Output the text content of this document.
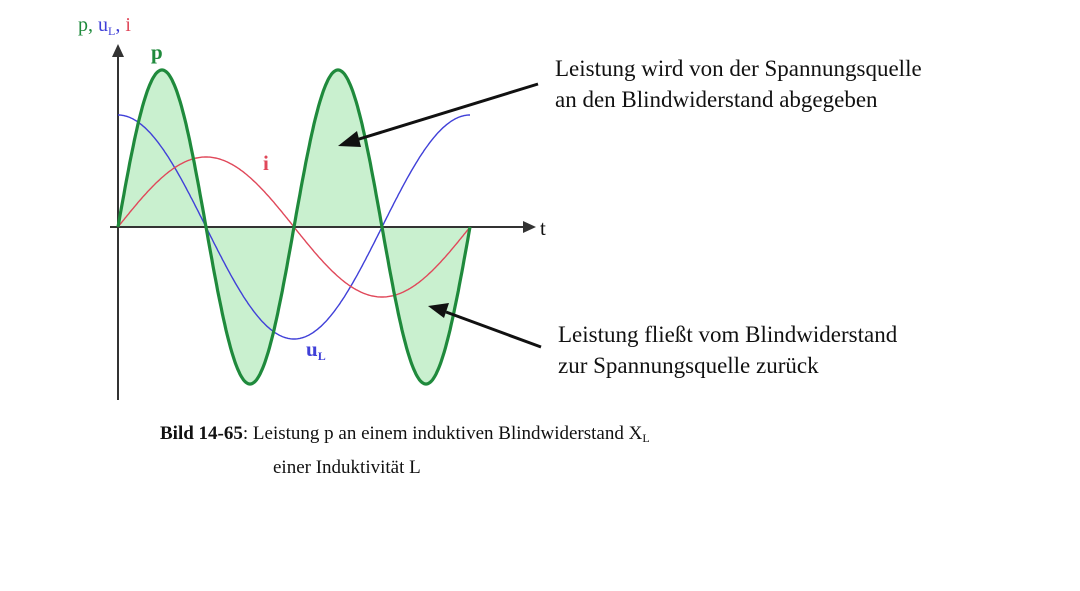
p, $u_L$, i
t
p
i
uL
Leistung wird von der Spannungsquelle
an den Blindwiderstand abgegeben
Leistung fließt vom Blindwiderstand
zur Spannungsquelle zurück
Bild 14-65: Leistung p an einem induktiven Blindwiderstand $X_L$
einer Induktivität L
